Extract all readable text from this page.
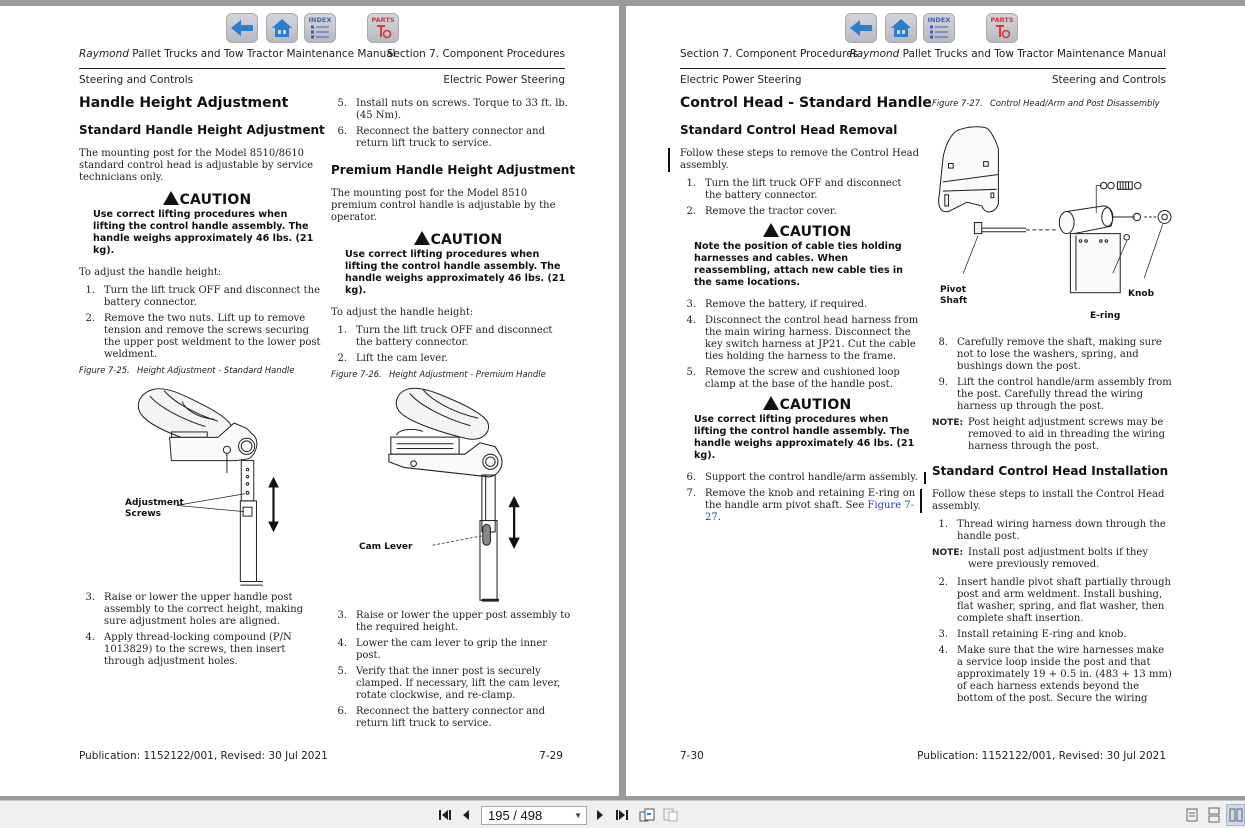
INDEX	PARTS
Raymond Pallet Trucks and Tow Tractor Maintenance Manual
Section 7. Component Procedures
Steering and Controls	Electric Power Steering
Handle Height Adjustment
Standard Handle Height Adjustment
The mounting post for the Model 8510/8610 standard control head is adjustable by service technicians only.
CAUTION
Use correct lifting procedures when lifting the control handle assembly. The handle weighs approximately 46 lbs. (21 kg).
To adjust the handle height:
1. Turn the lift truck OFF and disconnect the battery connector.
2. Remove the two nuts. Lift up to remove tension and remove the screws securing the upper post weldment to the lower post weldment.
Figure 7-25. Height Adjustment - Standard Handle
Adjustment Screws
3. Raise or lower the upper handle post assembly to the correct height, making sure adjustment holes are aligned.
4. Apply thread-locking compound (P/N 1013829) to the screws, then insert through adjustment holes.
5. Install nuts on screws. Torque to 33 ft. lb. (45 Nm).
6. Reconnect the battery connector and return lift truck to service.
Premium Handle Height Adjustment
The mounting post for the Model 8510 premium control handle is adjustable by the operator.
CAUTION
Use correct lifting procedures when lifting the control handle assembly. The handle weighs approximately 46 lbs. (21 kg).
To adjust the handle height:
1. Turn the lift truck OFF and disconnect the battery connector.
2. Lift the cam lever.
Figure 7-26. Height Adjustment - Premium Handle
Cam Lever
3. Raise or lower the upper post assembly to the required height.
4. Lower the cam lever to grip the inner post.
5. Verify that the inner post is securely clamped. If necessary, lift the cam lever, rotate clockwise, and re-clamp.
6. Reconnect the battery connector and return lift truck to service.
Publication: 1152122/001, Revised: 30 Jul 2021	7-29
INDEX	PARTS
Section 7. Component Procedures
Raymond Pallet Trucks and Tow Tractor Maintenance Manual
Electric Power Steering	Steering and Controls
Control Head - Standard Handle
Standard Control Head Removal
Follow these steps to remove the Control Head assembly.
1. Turn the lift truck OFF and disconnect the battery connector.
2. Remove the tractor cover.
CAUTION
Note the position of cable ties holding harnesses and cables. When reassembling, attach new cable ties in the same locations.
3. Remove the battery, if required.
4. Disconnect the control head harness from the main wiring harness. Disconnect the key switch harness at JP21. Cut the cable ties holding the harness to the frame.
5. Remove the screw and cushioned loop clamp at the base of the handle post.
CAUTION
Use correct lifting procedures when lifting the control handle assembly. The handle weighs approximately 46 lbs. (21 kg).
6. Support the control handle/arm assembly.
7. Remove the knob and retaining E-ring on the handle arm pivot shaft. See Figure 7-27.
Figure 7-27. Control Head/Arm and Post Disassembly
Pivot Shaft
Knob
E-ring
8. Carefully remove the shaft, making sure not to lose the washers, spring, and bushings down the post.
9. Lift the control handle/arm assembly from the post. Carefully thread the wiring harness up through the post.
NOTE: Post height adjustment screws may be removed to aid in threading the wiring harness through the post.
Standard Control Head Installation
Follow these steps to install the Control Head assembly.
1. Thread wiring harness down through the handle post.
NOTE: Install post adjustment bolts if they were previously removed.
2. Insert handle pivot shaft partially through post and arm weldment. Install bushing, flat washer, spring, and flat washer, then complete shaft insertion.
3. Install retaining E-ring and knob.
4. Make sure that the wire harnesses make a service loop inside the post and that approximately 19 + 0.5 in. (483 + 13 mm) of each harness extends beyond the bottom of the post. Secure the wiring
7-30	Publication: 1152122/001, Revised: 30 Jul 2021
195 / 498	▼
